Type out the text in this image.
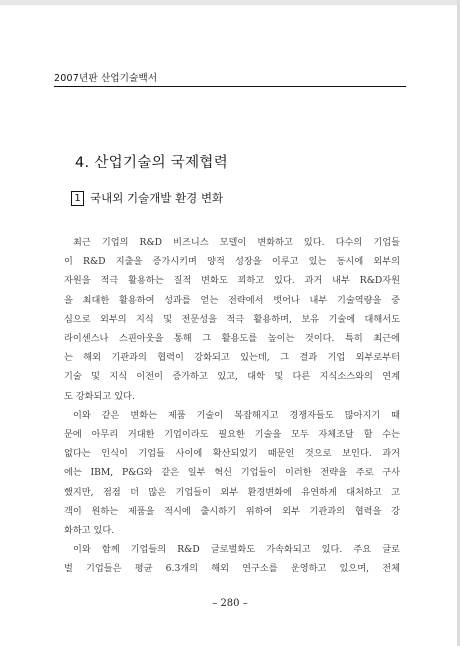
2007년판 산업기술백서
4. 산업기술의 국제협력
1 국내외 기술개발 환경 변화
최근 기업의 R&D 비즈니스 모델이 변화하고 있다. 다수의 기업들
이 R&D 지출을 증가시키며 양적 성장을 이루고 있는 동시에 외부의
자원을 적극 활용하는 질적 변화도 꾀하고 있다. 과거 내부 R&D자원
을 최대한 활용하여 성과를 얻는 전략에서 벗어나 내부 기술역량을 중
심으로 외부의 지식 및 전문성을 적극 활용하며, 보유 기술에 대해서도
라이센스나 스핀아웃을 통해 그 활용도를 높이는 것이다. 특히 최근에
는 해외 기관과의 협력이 강화되고 있는데, 그 결과 기업 외부로부터
기술 및 지식 이전이 증가하고 있고, 대학 및 다른 지식소스와의 연계
도 강화되고 있다.
이와 같은 변화는 제품 기술이 복잡해지고 경쟁자들도 많아지기 때
문에 아무리 거대한 기업이라도 필요한 기술을 모두 자체조달 할 수는
없다는 인식이 기업들 사이에 확산되었기 때문인 것으로 보인다. 과거
에는 IBM, P&G와 같은 일부 혁신 기업들이 이러한 전략을 주로 구사
했지만, 점점 더 많은 기업들이 외부 환경변화에 유연하게 대처하고 고
객이 원하는 제품을 적시에 출시하기 위하여 외부 기관과의 협력을 강
화하고 있다.
이와 함께 기업들의 R&D 글로벌화도 가속화되고 있다. 주요 글로
벌 기업들은 평균 6.3개의 해외 연구소를 운영하고 있으며, 전체
– 280 –
